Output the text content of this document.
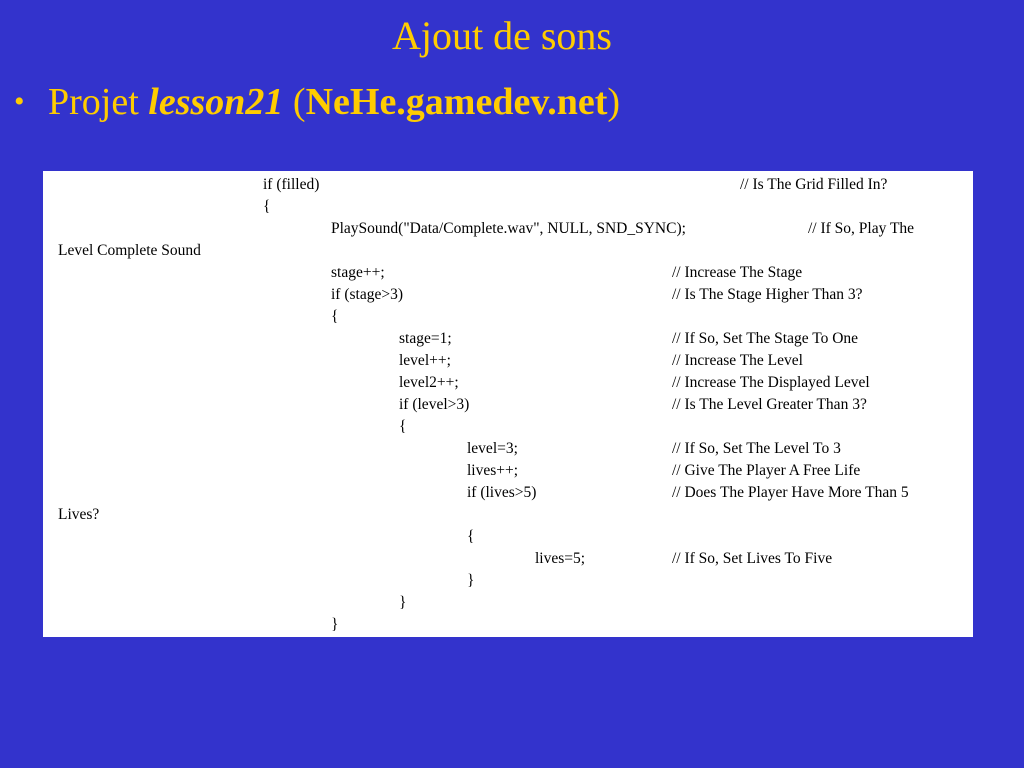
Ajout de sons
• Projet lesson21 (NeHe.gamedev.net)
if (filled)	// Is The Grid Filled In?
{
PlaySound("Data/Complete.wav", NULL, SND_SYNC);	// If So, Play The
Level Complete Sound
stage++;	// Increase The Stage
if (stage>3)	// Is The Stage Higher Than 3?
{
stage=1;	// If So, Set The Stage To One
level++;	// Increase The Level
level2++;	// Increase The Displayed Level
if (level>3)	// Is The Level Greater Than 3?
{
level=3;	// If So, Set The Level To 3
lives++;	// Give The Player A Free Life
if (lives>5)	// Does The Player Have More Than 5
Lives?
{
lives=5;	// If So, Set Lives To Five
}
}
}
